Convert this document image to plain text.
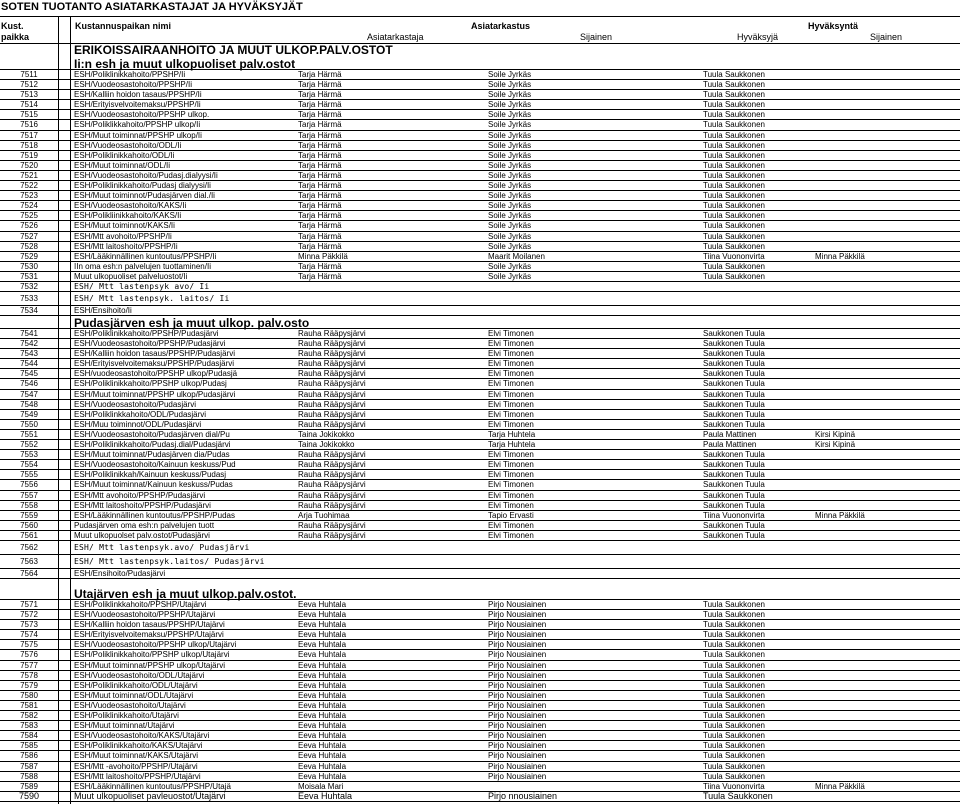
SOTEN TUOTANTO ASIATARKASTAJAT JA HYVÄKSYJÄT
Kust.
paikka
Kustannuspaikan nimi	Asiatarkastus	Hyväksyntä
Asiatarkastaja	Sijainen	Hyväksyjä	Sijainen
ERIKOISSAIRAANHOITO JA MUUT ULKOP.PALV.OSTOT
Ii:n esh ja muut ulkopuoliset palv.ostot
7511	ESH/Poliklinikkahoito/PPSHP/Ii	Tarja Härmä	Soile Jyrkäs	Tuula Saukkonen
7512	ESH/Vuodeosastohoito/PPSHP/Ii	Tarja Härmä	Soile Jyrkäs	Tuula Saukkonen
7513	ESH/Kalliin hoidon tasaus/PPSHP/Ii	Tarja Härmä	Soile Jyrkäs	Tuula Saukkonen
7514	ESH/Erityisvelvoitemaksu/PPSHP/Ii	Tarja Härmä	Soile Jyrkäs	Tuula Saukkonen
7515	ESH/Vuodeosastohoito/PPSHP ulkop.	Tarja Härmä	Soile Jyrkäs	Tuula Saukkonen
7516	ESH/Poliklikkahoito/PPSHP ulkop/Ii	Tarja Härmä	Soile Jyrkäs	Tuula Saukkonen
7517	ESH/Muut toiminnat/PPSHP ulkop/Ii	Tarja Härmä	Soile Jyrkäs	Tuula Saukkonen
7518	ESH/Vuodeosastohoito/ODL/Ii	Tarja Härmä	Soile Jyrkäs	Tuula Saukkonen
7519	ESH/Poliklinikkahoito/ODL/Ii	Tarja Härmä	Soile Jyrkäs	Tuula Saukkonen
7520	ESH/Muut toiminnat/ODL/Ii	Tarja Härmä	Soile Jyrkäs	Tuula Saukkonen
7521	ESH/Vuodeosastohoito/Pudasj.dialyysi/Ii	Tarja Härmä	Soile Jyrkäs	Tuula Saukkonen
7522	ESH/Poliklinikkahoito/Pudasj dialyysi/Ii	Tarja Härmä	Soile Jyrkäs	Tuula Saukkonen
7523	ESH/Muut toiminnot/Pudasjärven dial./Ii	Tarja Härmä	Soile Jyrkäs	Tuula Saukkonen
7524	ESH/Vuodeosastohoito/KAKS/Ii	Tarja Härmä	Soile Jyrkäs	Tuula Saukkonen
7525	ESH/Polikliinikkahoito/KAKS/Ii	Tarja Härmä	Soile Jyrkäs	Tuula Saukkonen
7526	ESH/Muut toiminnot/KAKS/Ii	Tarja Härmä	Soile Jyrkäs	Tuula Saukkonen
7527	ESH/Mtt avohoito/PPSHP/Ii	Tarja Härmä	Soile Jyrkäs	Tuula Saukkonen
7528	ESH/Mtt laitoshoito/PPSHP/Ii	Tarja Härmä	Soile Jyrkäs	Tuula Saukkonen
7529	ESH/Lääkinnällinen kuntoutus/PPSHP/Ii	Minna Päkkilä	Maarit Moilanen	Tiina Vuononvirta	Minna Päkkilä
7530	IIn oma esh:n palvelujen tuottaminen/Ii	Tarja Härmä	Soile Jyrkäs	Tuula Saukkonen
7531	Muut ulkopuoliset palveluostot/Ii	Tarja Härmä	Soile Jyrkäs	Tuula Saukkonen
7532	ESH/ Mtt lastenpsyk avo/ Ii
7533	ESH/ Mtt lastenpsyk. laitos/ Ii
7534	ESH/Ensihoito/Ii
Pudasjärven esh ja muut ulkop. palv.osto
7541	ESH/Poliklinikkahoito/PPSHP/Pudasjärvi	Rauha Rääpysjärvi	Elvi Timonen	Saukkonen Tuula
7542	ESH/Vuodeosastohoito/PPSHP/Pudasjärvi	Rauha Rääpysjärvi	Elvi Timonen	Saukkonen Tuula
7543	ESH/Kalliin hoidon tasaus/PPSHP/Pudasjärvi	Rauha Rääpysjärvi	Elvi Timonen	Saukkonen Tuula
7544	ESH/Erityisvelvoitemaksu/PPSHP/Pudasjärvi	Rauha Rääpysjärvi	Elvi Timonen	Saukkonen Tuula
7545	ESH/vuodeosastohoito/PPSHP ulkop/Pudasjä	Rauha Rääpysjärvi	Elvi Timonen	Saukkonen Tuula
7546	ESH/Poliklinikkahoito/PPSHP ulkop/Pudasj	Rauha Rääpysjärvi	Elvi Timonen	Saukkonen Tuula
7547	ESH/Muut toiminnat/PPSHP ulkop/Pudasjärvi	Rauha Rääpysjärvi	Elvi Timonen	Saukkonen Tuula
7548	ESH/Vuodeosastohoito/Pudasjärvi	Rauha Rääpysjärvi	Elvi Timonen	Saukkonen Tuula
7549	ESH/Poliklinkkahoito/ODL/Pudasjärvi	Rauha Rääpysjärvi	Elvi Timonen	Saukkonen Tuula
7550	ESH/Muu toiminnot/ODL/Pudasjärvi	Rauha Rääpysjärvi	Elvi Timonen	Saukkonen Tuula
7551	ESH/Vuodeosastohoito/Pudasjärven dial/Pu	Taina Jokikokko	Tarja Huhtela	Paula Mattinen	Kirsi Kipinä
7552	ESH/Poliklinikkahoito/Pudasj.dial/Pudasjärvi	Taina Jokikokko	Tarja Huhtela	Paula Mattinen	Kirsi Kipinä
7553	ESH/Muut toiminnat/Pudasjärven dia/Pudas	Rauha Rääpysjärvi	Elvi Timonen	Saukkonen Tuula
7554	ESH/Vuodeosastohoito/Kainuun keskuss/Pud	Rauha Rääpysjärvi	Elvi Timonen	Saukkonen Tuula
7555	ESH/Poliklinikkah/Kainuun keskuss/Pudasj	Rauha Rääpysjärvi	Elvi Timonen	Saukkonen Tuula
7556	ESH/Muut toiminnat/Kainuun keskuss/Pudas	Rauha Rääpysjärvi	Elvi Timonen	Saukkonen Tuula
7557	ESH/Mtt avohoito/PPSHP/Pudasjärvi	Rauha Rääpysjärvi	Elvi Timonen	Saukkonen Tuula
7558	ESH/Mtt laitoshoito/PPSHP/Pudasjärvi	Rauha Rääpysjärvi	Elvi Timonen	Saukkonen Tuula
7559	ESH/Lääkinnällinen kuntoutus/PPSHP/Pudas	Arja Tuohimaa	Tapio Ervasti	Tiina Vuononvirta	Minna Päkkilä
7560	Pudasjärven oma esh:n palvelujen tuott	Rauha Rääpysjärvi	Elvi Timonen	Saukkonen Tuula
7561	Muut ulkopuolset palv.ostot/Pudasjärvi	Rauha Rääpysjärvi	Elvi Timonen	Saukkonen Tuula
7562	ESH/ Mtt lastenpsyk.avo/ Pudasjärvi
7563	ESH/ Mtt lastenpsyk.laitos/ Pudasjärvi
7564	ESH/Ensihoito/Pudasjärvi
Utajärven esh ja muut ulkop.palv.ostot.
7571	ESH/Poliklinkkahoito/PPSHP/Utajärvi	Eeva Huhtala	Pirjo Nousiainen	Tuula Saukkonen
7572	ESH/Vuodeosastohoito/PPSHP/Utajärvi	Eeva Huhtala	Pirjo Nousiainen	Tuula Saukkonen
7573	ESH/Kalliin hoidon tasaus/PPSHP/Utajärvi	Eeva Huhtala	Pirjo Nousiainen	Tuula Saukkonen
7574	ESH/Erityisvelvoitemaksu/PPSHP/Utajärvi	Eeva Huhtala	Pirjo Nousiainen	Tuula Saukkonen
7575	ESH/Vuodeosastohoito/PPSHP ulkop/Utajärvi	Eeva Huhtala	Pirjo Nousiainen	Tuula Saukkonen
7576	ESH/Poliklinikkahoito/PPSHP ulkop/Utajärvi	Eeva Huhtala	Pirjo Nousiainen	Tuula Saukkonen
7577	ESH/Muut toiminnat/PPSHP ulkop/Utajärvi	Eeva Huhtala	Pirjo Nousiainen	Tuula Saukkonen
7578	ESH/Vuodeosastohoito/ODL/Utajärvi	Eeva Huhtala	Pirjo Nousiainen	Tuula Saukkonen
7579	ESH/Poliklinikkahoito/ODL/Utajärvi	Eeva Huhtala	Pirjo Nousiainen	Tuula Saukkonen
7580	ESH/Muut toiminnat/ODL/Utajärvi	Eeva Huhtala	Pirjo Nousiainen	Tuula Saukkonen
7581	ESH/Vuodeosastohoito/Utajärvi	Eeva Huhtala	Pirjo Nousiainen	Tuula Saukkonen
7582	ESH/Poliklinikkahoito/Utajärvi	Eeva Huhtala	Pirjo Nousiainen	Tuula Saukkonen
7583	ESH/Muut toiminnat/Utajärvi	Eeva Huhtala	Pirjo Nousiainen	Tuula Saukkonen
7584	ESH/Vuodeosastohoito/KAKS/Utajärvi	Eeva Huhtala	Pirjo Nousiainen	Tuula Saukkonen
7585	ESH/Poliklinikkahoito/KAKS/Utajärvi	Eeva Huhtala	Pirjo Nousiainen	Tuula Saukkonen
7586	ESH/Muut toiminnat/KAKS/Utajärvi	Eeva Huhtala	Pirjo Nousiainen	Tuula Saukkonen
7587	ESH/Mtt -avohoito/PPSHP/Utajärvi	Eeva Huhtala	Pirjo Nousiainen	Tuula Saukkonen
7588	ESH/Mtt laitoshoito/PPSHP/Utajärvi	Eeva Huhtala	Pirjo Nousiainen	Tuula Saukkonen
7589	ESH/Lääkinnällinen kuntoutus/PPSHP/Utajä	Moisala Mari	Tiina Vuononvirta	Minna Päkkilä
7590	Muut ulkopuoliset pavleuostot/Utajärvi	Eeva Huhtala	Pirjo nnousiainen	Tuula Saukkonen
